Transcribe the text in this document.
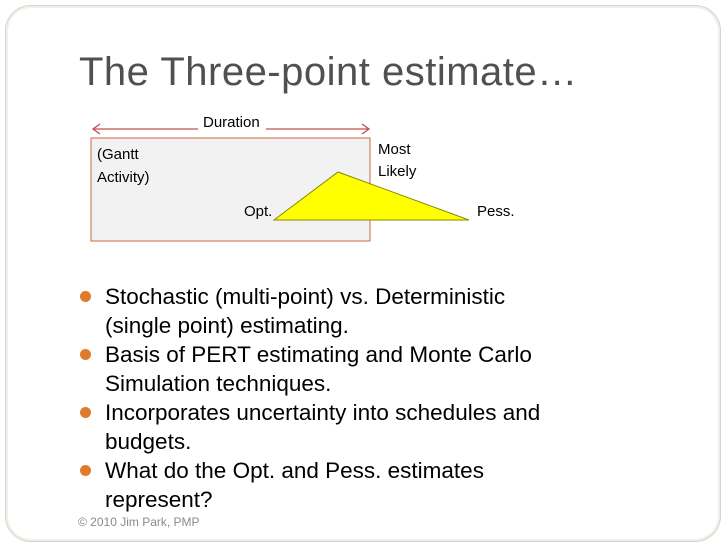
The Three-point estimate…
Duration
(Gantt
Activity)
Most
Likely
Opt.	Pess.
Stochastic (multi-point) vs. Deterministic
(single point) estimating.
Basis of PERT estimating and Monte Carlo
Simulation techniques.
Incorporates uncertainty into schedules and
budgets.
What do the Opt. and Pess. estimates
represent?
© 2010 Jim Park, PMP
